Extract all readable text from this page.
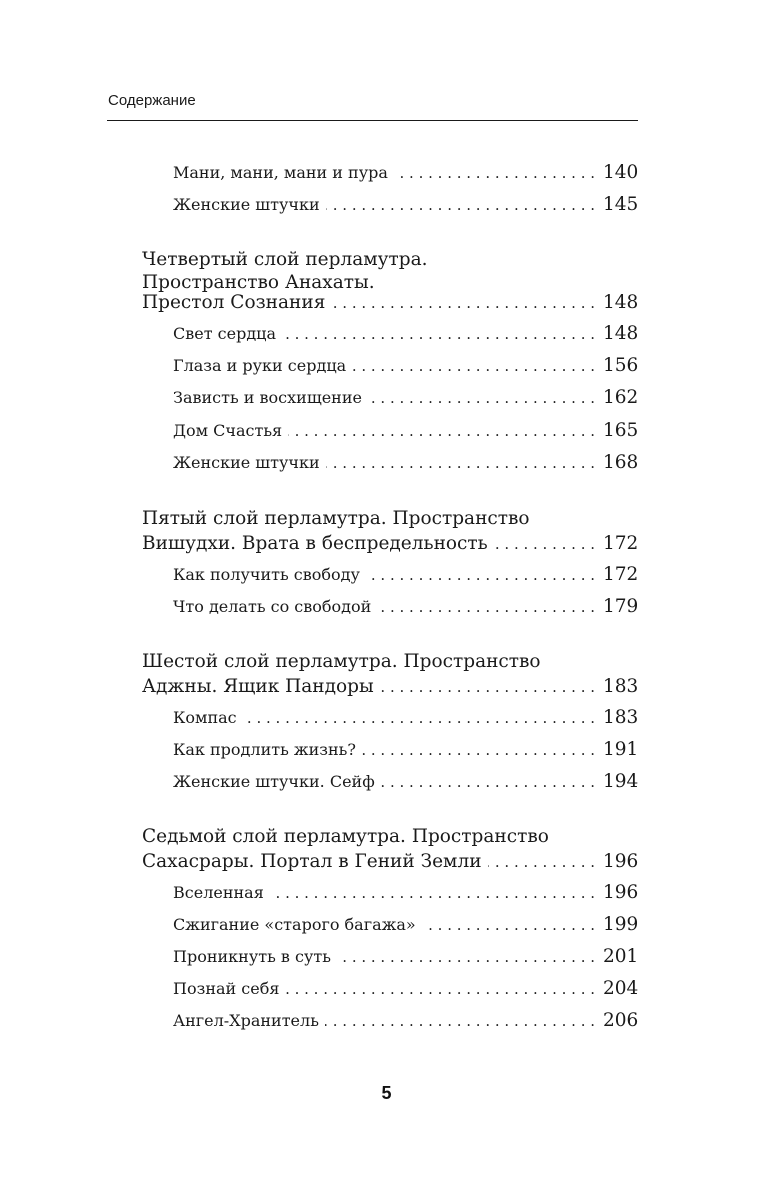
Содержание
Мани, мани, мани и пура . . .	140
Женские штучки . . .	145
Четвертый слой перламутра.
Пространство Анахаты.
Престол Сознания . . .	148
Свет сердца . . .	148
Глаза и руки сердца . . .	156
Зависть и восхищение . . .	162
Дом Счастья . . .	165
Женские штучки . . .	168
Пятый слой перламутра. Пространство
Вишудхи. Врата в беспредельность . . .	172
Как получить свободу . . .	172
Что делать со свободой . . .	179
Шестой слой перламутра. Пространство
Аджны. Ящик Пандоры . . .	183
Компас . . .	183
Как продлить жизнь? . . .	191
Женские штучки. Сейф . . .	194
Седьмой слой перламутра. Пространство
Сахасрары. Портал в Гений Земли . . .	196
Вселенная . . .	196
Сжигание «старого багажа» . . .	199
Проникнуть в суть . . .	201
Познай себя . . .	204
Ангел-Хранитель . . .	206
5
